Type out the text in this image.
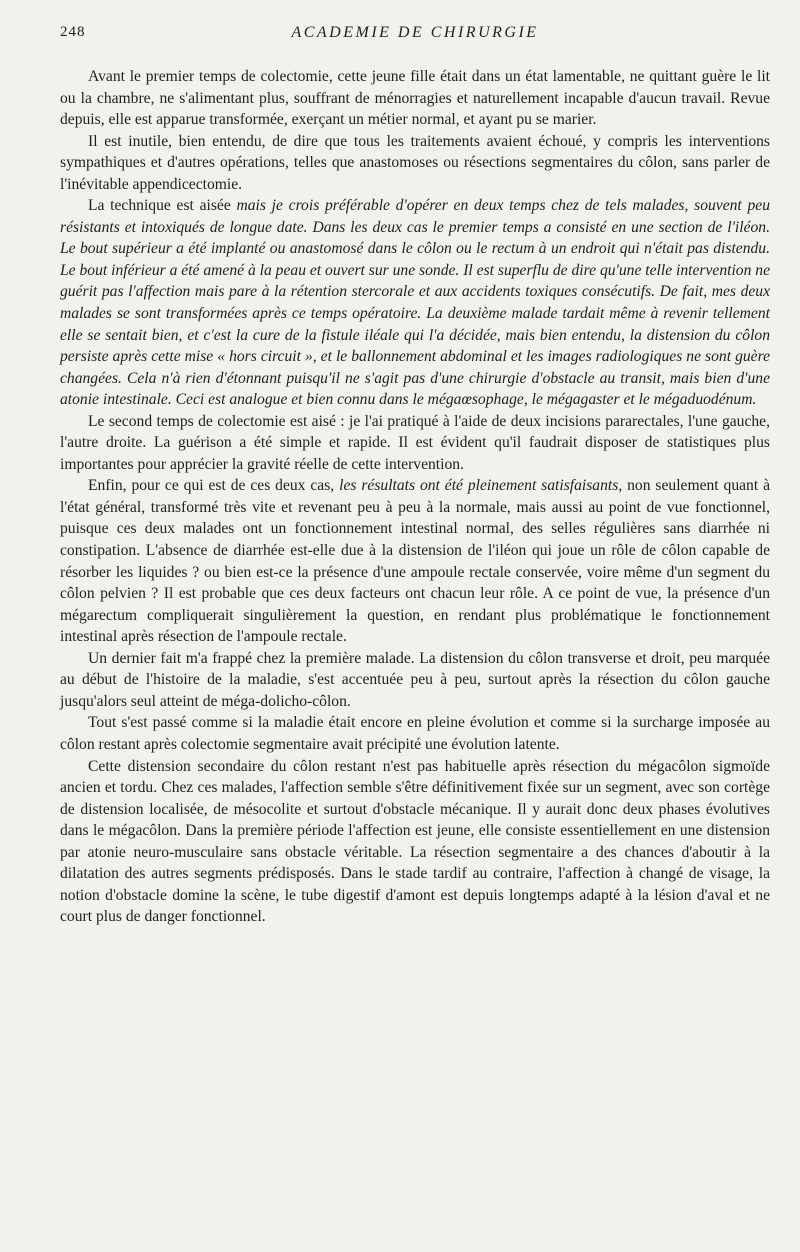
248	ACADEMIE DE CHIRURGIE

Avant le premier temps de colectomie, cette jeune fille était dans un état lamentable, ne quittant guère le lit ou la chambre, ne s'alimentant plus, souffrant de ménorragies et naturellement incapable d'aucun travail. Revue depuis, elle est apparue transformée, exerçant un métier normal, et ayant pu se marier.

Il est inutile, bien entendu, de dire que tous les traitements avaient échoué, y compris les interventions sympathiques et d'autres opérations, telles que anastomoses ou résections segmentaires du côlon, sans parler de l'inévitable appendicectomie.

La technique est aisée mais je crois préférable d'opérer en deux temps chez de tels malades, souvent peu résistants et intoxiqués de longue date. Dans les deux cas le premier temps a consisté en une section de l'iléon. Le bout supérieur a été implanté ou anastomosé dans le côlon ou le rectum à un endroit qui n'était pas distendu. Le bout inférieur a été amené à la peau et ouvert sur une sonde. Il est superflu de dire qu'une telle intervention ne guérit pas l'affection mais pare à la rétention stercorale et aux accidents toxiques consécutifs. De fait, mes deux malades se sont transformées après ce temps opératoire. La deuxième malade tardait même à revenir tellement elle se sentait bien, et c'est la cure de la fistule iléale qui l'a décidée, mais bien entendu, la distension du côlon persiste après cette mise « hors circuit », et le ballonnement abdominal et les images radiologiques ne sont guère changées. Cela n'à rien d'étonnant puisqu'il ne s'agit pas d'une chirurgie d'obstacle au transit, mais bien d'une atonie intestinale. Ceci est analogue et bien connu dans le mégaœsophage, le mégagaster et le mégaduodénum.

Le second temps de colectomie est aisé : je l'ai pratiqué à l'aide de deux incisions pararectales, l'une gauche, l'autre droite. La guérison a été simple et rapide. Il est évident qu'il faudrait disposer de statistiques plus importantes pour apprécier la gravité réelle de cette intervention.

Enfin, pour ce qui est de ces deux cas, les résultats ont été pleinement satisfaisants, non seulement quant à l'état général, transformé très vite et revenant peu à peu à la normale, mais aussi au point de vue fonctionnel, puisque ces deux malades ont un fonctionnement intestinal normal, des selles régulières sans diarrhée ni constipation. L'absence de diarrhée est-elle due à la distension de l'iléon qui joue un rôle de côlon capable de résorber les liquides ? ou bien est-ce la présence d'une ampoule rectale conservée, voire même d'un segment du côlon pelvien ? Il est probable que ces deux facteurs ont chacun leur rôle. A ce point de vue, la présence d'un mégarectum compliquerait singulièrement la question, en rendant plus problématique le fonctionnement intestinal après résection de l'ampoule rectale.

Un dernier fait m'a frappé chez la première malade. La distension du côlon transverse et droit, peu marquée au début de l'histoire de la maladie, s'est accentuée peu à peu, surtout après la résection du côlon gauche jusqu'alors seul atteint de méga-dolicho-côlon.

Tout s'est passé comme si la maladie était encore en pleine évolution et comme si la surcharge imposée au côlon restant après colectomie segmentaire avait précipité une évolution latente.

Cette distension secondaire du côlon restant n'est pas habituelle après résection du mégacôlon sigmoïde ancien et tordu. Chez ces malades, l'affection semble s'être définitivement fixée sur un segment, avec son cortège de distension localisée, de mésocolite et surtout d'obstacle mécanique. Il y aurait donc deux phases évolutives dans le mégacôlon. Dans la première période l'affection est jeune, elle consiste essentiellement en une distension par atonie neuro-musculaire sans obstacle véritable. La résection segmentaire a des chances d'aboutir à la dilatation des autres segments prédisposés. Dans le stade tardif au contraire, l'affection à changé de visage, la notion d'obstacle domine la scène, le tube digestif d'amont est depuis longtemps adapté à la lésion d'aval et ne court plus de danger fonctionnel.
